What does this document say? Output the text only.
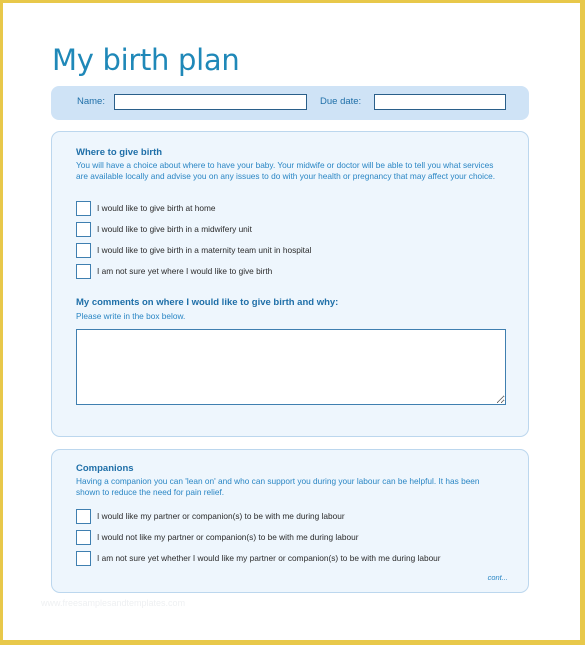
My birth plan
Name:	Due date:
Where to give birth
You will have a choice about where to have your baby. Your midwife or doctor will be able to tell you what services are available locally and advise you on any issues to do with your health or pregnancy that may affect your choice.
I would like to give birth at home
I would like to give birth in a midwifery unit
I would like to give birth in a maternity team unit in hospital
I am not sure yet where I would like to give birth
My comments on where I would like to give birth and why:
Please write in the box below.
Companions
Having a companion you can 'lean on' and who can support you during your labour can be helpful. It has been shown to reduce the need for pain relief.
I would like my partner or companion(s) to be with me during labour
I would not like my partner or companion(s) to be with me during labour
I am not sure yet whether I would like my partner or companion(s) to be with me during labour
cont...
www.freesamplesandtemplates.com
